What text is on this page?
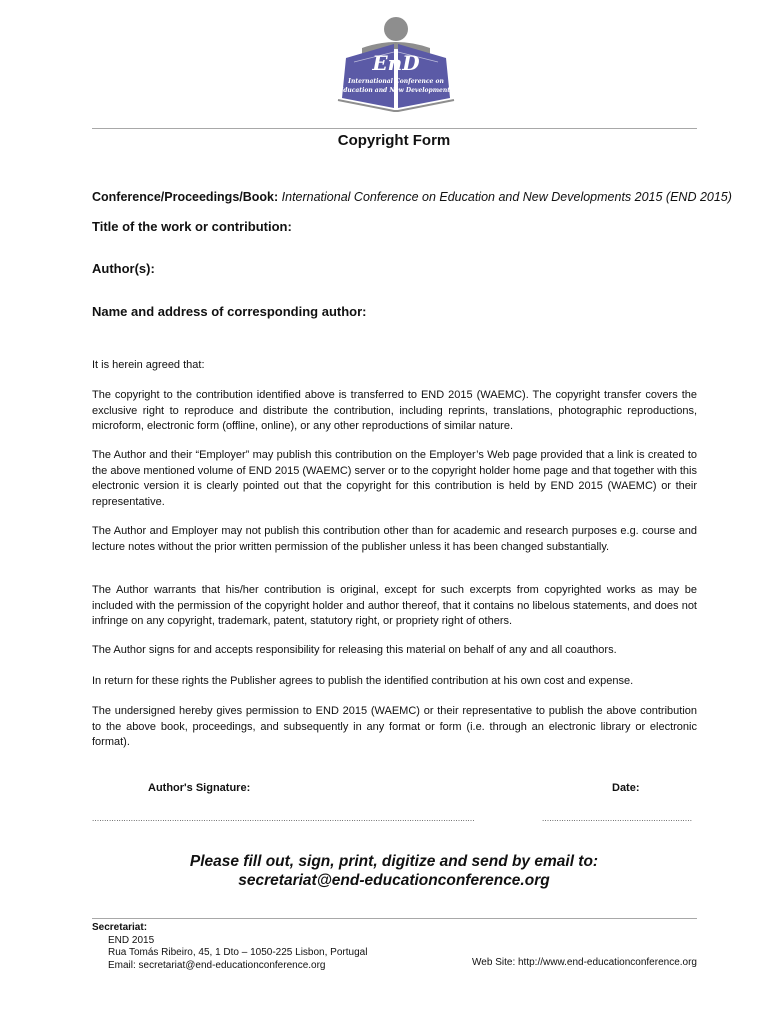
EnD
International Conference on
Education and New Developments
Copyright Form
Conference/Proceedings/Book: International Conference on Education and New Developments 2015 (END 2015)
Title of the work or contribution:
Author(s):
Name and address of corresponding author:

It is herein agreed that:

The copyright to the contribution identified above is transferred to END 2015 (WAEMC). The copyright transfer covers the exclusive right to reproduce and distribute the contribution, including reprints, translations, photographic reproductions, microform, electronic form (offline, online), or any other reproductions of similar nature.

The Author and their “Employer” may publish this contribution on the Employer’s Web page provided that a link is created to the above mentioned volume of END 2015 (WAEMC) server or to the copyright holder home page and that together with this electronic version it is clearly pointed out that the copyright for this contribution is held by END 2015 (WAEMC) or their representative.

The Author and Employer may not publish this contribution other than for academic and research purposes e.g. course and lecture notes without the prior written permission of the publisher unless it has been changed substantially.

The Author warrants that his/her contribution is original, except for such excerpts from copyrighted works as may be included with the permission of the copyright holder and author thereof, that it contains no libelous statements, and does not infringe on any copyright, trademark, patent, statutory right, or propriety right of others.

The Author signs for and accepts responsibility for releasing this material on behalf of any and all coauthors.

In return for these rights the Publisher agrees to publish the identified contribution at his own cost and expense.

The undersigned hereby gives permission to END 2015 (WAEMC) or their representative to publish the above contribution to the above book, proceedings, and subsequently in any format or form (i.e. through an electronic library or electronic format).

Author's Signature:	Date:
..............................................................................................................................................................	..............................................................
Please fill out, sign, print, digitize and send by email to:
secretariat@end-educationconference.org
Secretariat:
END 2015
Rua Tomás Ribeiro, 45, 1 Dto – 1050-225 Lisbon, Portugal
Email: secretariat@end-educationconference.org	Web Site: http://www.end-educationconference.org
